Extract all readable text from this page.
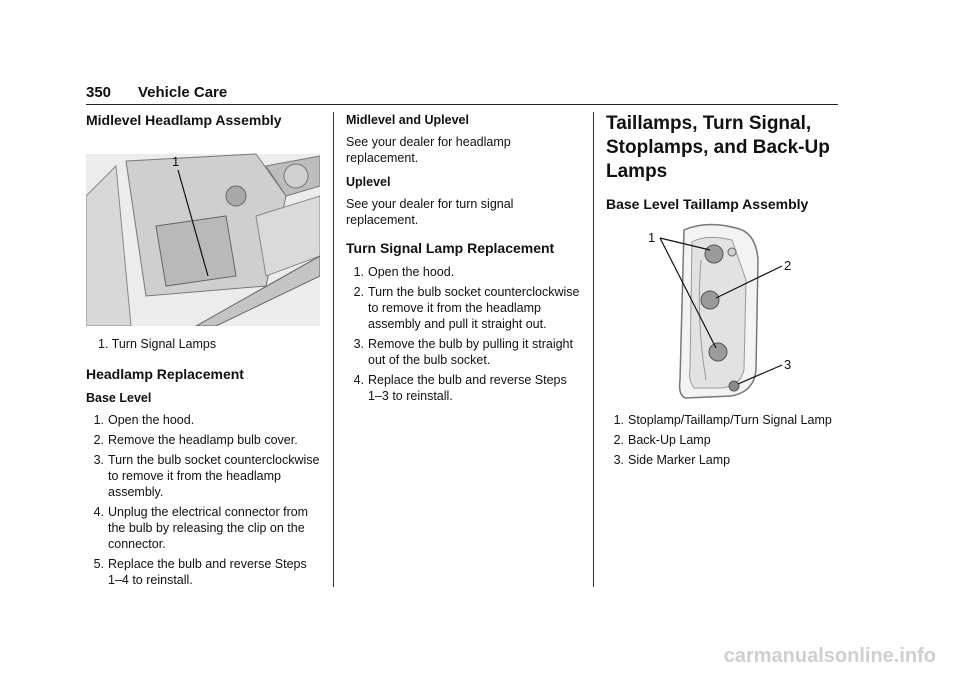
350 Vehicle Care
Midlevel Headlamp Assembly
1
1. Turn Signal Lamps
Headlamp Replacement
Base Level
1. Open the hood.
2. Remove the headlamp bulb cover.
3. Turn the bulb socket counterclockwise to remove it from the headlamp assembly.
4. Unplug the electrical connector from the bulb by releasing the clip on the connector.
5. Replace the bulb and reverse Steps 1–4 to reinstall.
Midlevel and Uplevel

See your dealer for headlamp replacement.

Uplevel

See your dealer for turn signal replacement.

Turn Signal Lamp Replacement
1. Open the hood.
2. Turn the bulb socket counterclockwise to remove it from the headlamp assembly and pull it straight out.
3. Remove the bulb by pulling it straight out of the bulb socket.
4. Replace the bulb and reverse Steps 1–3 to reinstall.
Taillamps, Turn Signal, Stoplamps, and Back-Up Lamps
Base Level Taillamp Assembly
1
2
3
1. Stoplamp/Taillamp/Turn Signal Lamp
2. Back-Up Lamp
3. Side Marker Lamp
carmanualsonline.info
